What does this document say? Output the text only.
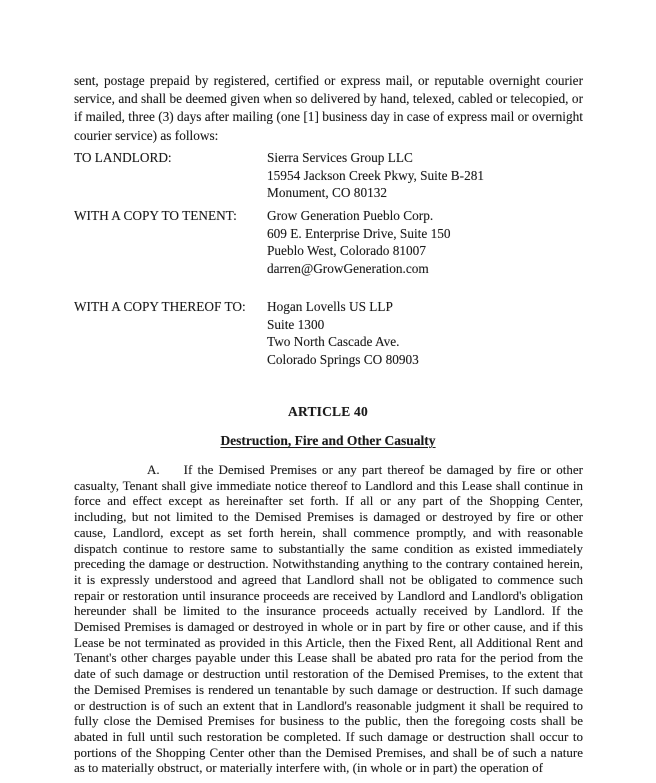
sent, postage prepaid by registered, certified or express mail, or reputable overnight courier service, and shall be deemed given when so delivered by hand, telexed, cabled or telecopied, or if mailed, three (3) days after mailing (one [1] business day in case of express mail or overnight courier service) as follows:

TO LANDLORD:	Sierra Services Group LLC
15954 Jackson Creek Pkwy, Suite B-281
Monument, CO 80132
WITH A COPY TO TENENT:	Grow Generation Pueblo Corp.
609 E. Enterprise Drive, Suite 150
Pueblo West, Colorado 81007
darren@GrowGeneration.com
WITH A COPY THEREOF TO:	Hogan Lovells US LLP
Suite 1300
Two North Cascade Ave.
Colorado Springs CO 80903
ARTICLE 40
Destruction, Fire and Other Casualty

A. If the Demised Premises or any part thereof be damaged by fire or other casualty, Tenant shall give immediate notice thereof to Landlord and this Lease shall continue in force and effect except as hereinafter set forth. If all or any part of the Shopping Center, including, but not limited to the Demised Premises is damaged or destroyed by fire or other cause, Landlord, except as set forth herein, shall commence promptly, and with reasonable dispatch continue to restore same to substantially the same condition as existed immediately preceding the damage or destruction. Notwithstanding anything to the contrary contained herein, it is expressly understood and agreed that Landlord shall not be obligated to commence such repair or restoration until insurance proceeds are received by Landlord and Landlord's obligation hereunder shall be limited to the insurance proceeds actually received by Landlord. If the Demised Premises is damaged or destroyed in whole or in part by fire or other cause, and if this Lease be not terminated as provided in this Article, then the Fixed Rent, all Additional Rent and Tenant's other charges payable under this Lease shall be abated pro rata for the period from the date of such damage or destruction until restoration of the Demised Premises, to the extent that the Demised Premises is rendered un tenantable by such damage or destruction. If such damage or destruction is of such an extent that in Landlord's reasonable judgment it shall be required to fully close the Demised Premises for business to the public, then the foregoing costs shall be abated in full until such restoration be completed. If such damage or destruction shall occur to portions of the Shopping Center other than the Demised Premises, and shall be of such a nature as to materially obstruct, or materially interfere with, (in whole or in part) the operation of
